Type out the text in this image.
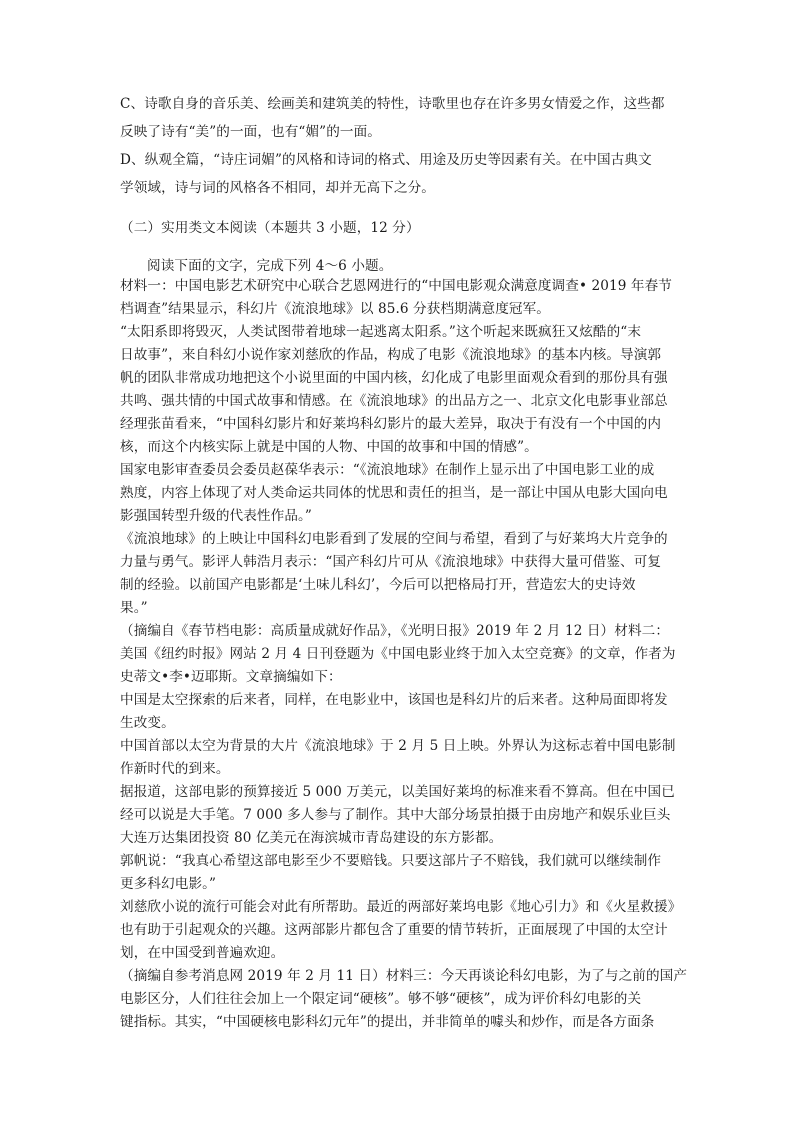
C、诗歌自身的音乐美、绘画美和建筑美的特性，诗歌里也存在许多男女情爱之作，这些都
反映了诗有“美”的一面，也有“媚”的一面。
D、纵观全篇，“诗庄词媚”的风格和诗词的格式、用途及历史等因素有关。在中国古典文
学领域，诗与词的风格各不相同，却并无高下之分。
（二）实用类文本阅读（本题共 3 小题，12 分）
阅读下面的文字，完成下列 4～6 小题。
材料一：中国电影艺术研究中心联合艺恩网进行的“中国电影观众满意度调查• 2019 年春节
档调查”结果显示，科幻片《流浪地球》以 85.6 分获档期满意度冠军。
“太阳系即将毁灭，人类试图带着地球一起逃离太阳系。”这个听起来既疯狂又炫酷的“末
日故事”，来自科幻小说作家刘慈欣的作品，构成了电影《流浪地球》的基本内核。导演郭
帆的团队非常成功地把这个小说里面的中国内核，幻化成了电影里面观众看到的那份具有强
共鸣、强共情的中国式故事和情感。在《流浪地球》的出品方之一、北京文化电影事业部总
经理张苗看来，“中国科幻影片和好莱坞科幻影片的最大差异，取决于有没有一个中国的内
核，而这个内核实际上就是中国的人物、中国的故事和中国的情感”。
国家电影审查委员会委员赵葆华表示：“《流浪地球》在制作上显示出了中国电影工业的成
熟度，内容上体现了对人类命运共同体的忧思和责任的担当，是一部让中国从电影大国向电
影强国转型升级的代表性作品。”
《流浪地球》的上映让中国科幻电影看到了发展的空间与希望，看到了与好莱坞大片竞争的
力量与勇气。影评人韩浩月表示：“国产科幻片可从《流浪地球》中获得大量可借鉴、可复
制的经验。以前国产电影都是‘土味儿科幻’，今后可以把格局打开，营造宏大的史诗效
果。”
（摘编自《春节档电影：高质量成就好作品》，《光明日报》2019 年 2 月 12 日）材料二：
美国《纽约时报》网站 2 月 4 日刊登题为《中国电影业终于加入太空竞赛》的文章，作者为
史蒂文•李•迈耶斯。文章摘编如下：
中国是太空探索的后来者，同样，在电影业中，该国也是科幻片的后来者。这种局面即将发
生改变。
中国首部以太空为背景的大片《流浪地球》于 2 月 5 日上映。外界认为这标志着中国电影制
作新时代的到来。
据报道，这部电影的预算接近 5 000 万美元，以美国好莱坞的标准来看不算高。但在中国已
经可以说是大手笔。7 000 多人参与了制作。其中大部分场景拍摄于由房地产和娱乐业巨头
大连万达集团投资 80 亿美元在海滨城市青岛建设的东方影都。
郭帆说：“我真心希望这部电影至少不要赔钱。只要这部片子不赔钱，我们就可以继续制作
更多科幻电影。”
刘慈欣小说的流行可能会对此有所帮助。最近的两部好莱坞电影《地心引力》和《火星救援》
也有助于引起观众的兴趣。这两部影片都包含了重要的情节转折，正面展现了中国的太空计
划，在中国受到普遍欢迎。
（摘编自参考消息网 2019 年 2 月 11 日）材料三：今天再谈论科幻电影，为了与之前的国产
电影区分，人们往往会加上一个限定词“硬核”。够不够“硬核”，成为评价科幻电影的关
键指标。其实，“中国硬核电影科幻元年”的提出，并非简单的噱头和炒作，而是各方面条
